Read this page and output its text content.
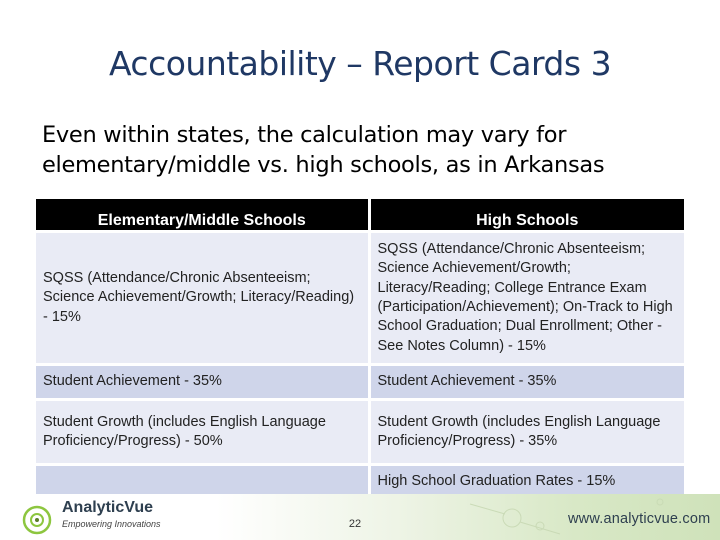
Accountability – Report Cards 3
Even within states, the calculation may vary for elementary/middle vs. high schools, as in Arkansas
Elementary/Middle Schools	High Schools
SQSS (Attendance/Chronic Absenteeism; Science Achievement/Growth; Literacy/Reading) - 15%	SQSS (Attendance/Chronic Absenteeism; Science Achievement/Growth; Literacy/Reading; College Entrance Exam (Participation/Achievement); On-Track to High School Graduation; Dual Enrollment; Other - See Notes Column) - 15%
Student Achievement - 35%	Student Achievement - 35%
Student Growth (includes English Language Proficiency/Progress) - 50%	Student Growth (includes English Language Proficiency/Progress) - 35%
	High School Graduation Rates - 15%
AnalyticVue
Empowering Innovations	22	www.analyticvue.com
